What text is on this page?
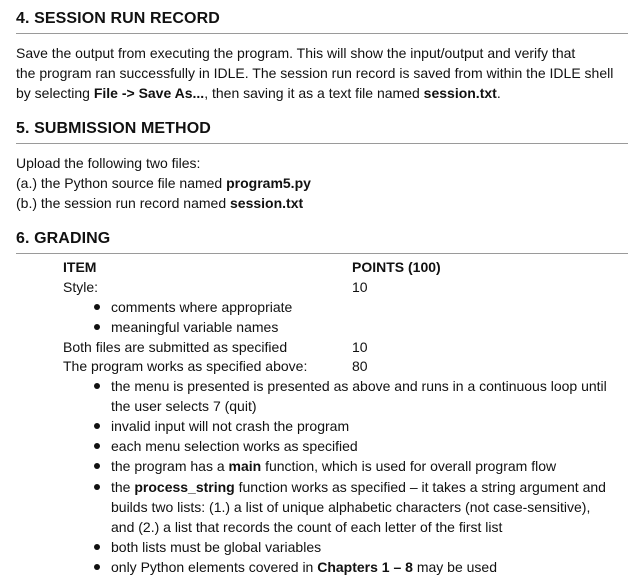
4. SESSION RUN RECORD
Save the output from executing the program. This will show the input/output and verify that
the program ran successfully in IDLE. The session run record is saved from within the IDLE shell
by selecting File -> Save As..., then saving it as a text file named session.txt.
5. SUBMISSION METHOD
Upload the following two files:
(a.) the Python source file named program5.py
(b.) the session run record named session.txt
6. GRADING
ITEM	POINTS (100)
Style:	10
comments where appropriate
meaningful variable names
Both files are submitted as specified	10
The program works as specified above:	80
the menu is presented is presented as above and runs in a continuous loop until
the user selects 7 (quit)
invalid input will not crash the program
each menu selection works as specified
the program has a main function, which is used for overall program flow
the process_string function works as specified – it takes a string argument and
builds two lists: (1.) a list of unique alphabetic characters (not case-sensitive),
and (2.) a list that records the count of each letter of the first list
both lists must be global variables
only Python elements covered in Chapters 1 – 8 may be used
